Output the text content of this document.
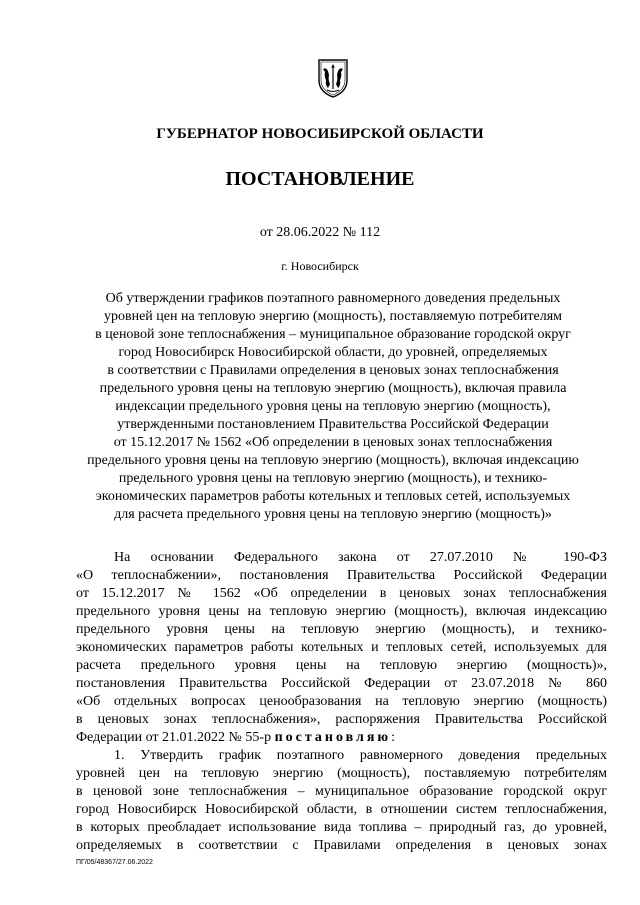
ГУБЕРНАТОР НОВОСИБИРСКОЙ ОБЛАСТИ
ПОСТАНОВЛЕНИЕ
от 28.06.2022 № 112
г. Новосибирск
Об утверждении графиков поэтапного равномерного доведения предельных
уровней цен на тепловую энергию (мощность), поставляемую потребителям
в ценовой зоне теплоснабжения – муниципальное образование городской округ
город Новосибирск Новосибирской области, до уровней, определяемых
в соответствии с Правилами определения в ценовых зонах теплоснабжения
предельного уровня цены на тепловую энергию (мощность), включая правила
индексации предельного уровня цены на тепловую энергию (мощность),
утвержденными постановлением Правительства Российской Федерации
от 15.12.2017 № 1562 «Об определении в ценовых зонах теплоснабжения
предельного уровня цены на тепловую энергию (мощность), включая индексацию
предельного уровня цены на тепловую энергию (мощность), и технико-
экономических параметров работы котельных и тепловых сетей, используемых
для расчета предельного уровня цены на тепловую энергию (мощность)»
На основании Федерального закона от 27.07.2010 № 190-ФЗ
«О теплоснабжении», постановления Правительства Российской Федерации
от 15.12.2017 № 1562 «Об определении в ценовых зонах теплоснабжения
предельного уровня цены на тепловую энергию (мощность), включая индексацию
предельного уровня цены на тепловую энергию (мощность), и технико-
экономических параметров работы котельных и тепловых сетей, используемых для
расчета предельного уровня цены на тепловую энергию (мощность)»,
постановления Правительства Российской Федерации от 23.07.2018 № 860
«Об отдельных вопросах ценообразования на тепловую энергию (мощность)
в ценовых зонах теплоснабжения», распоряжения Правительства Российской
Федерации от 21.01.2022 № 55-р постановляю:
1. Утвердить график поэтапного равномерного доведения предельных
уровней цен на тепловую энергию (мощность), поставляемую потребителям
в ценовой зоне теплоснабжения – муниципальное образование городской округ
город Новосибирск Новосибирской области, в отношении систем теплоснабжения,
в которых преобладает использование вида топлива – природный газ, до уровней,
определяемых в соответствии с Правилами определения в ценовых зонах
ПГ/05/48367/27.06.2022
